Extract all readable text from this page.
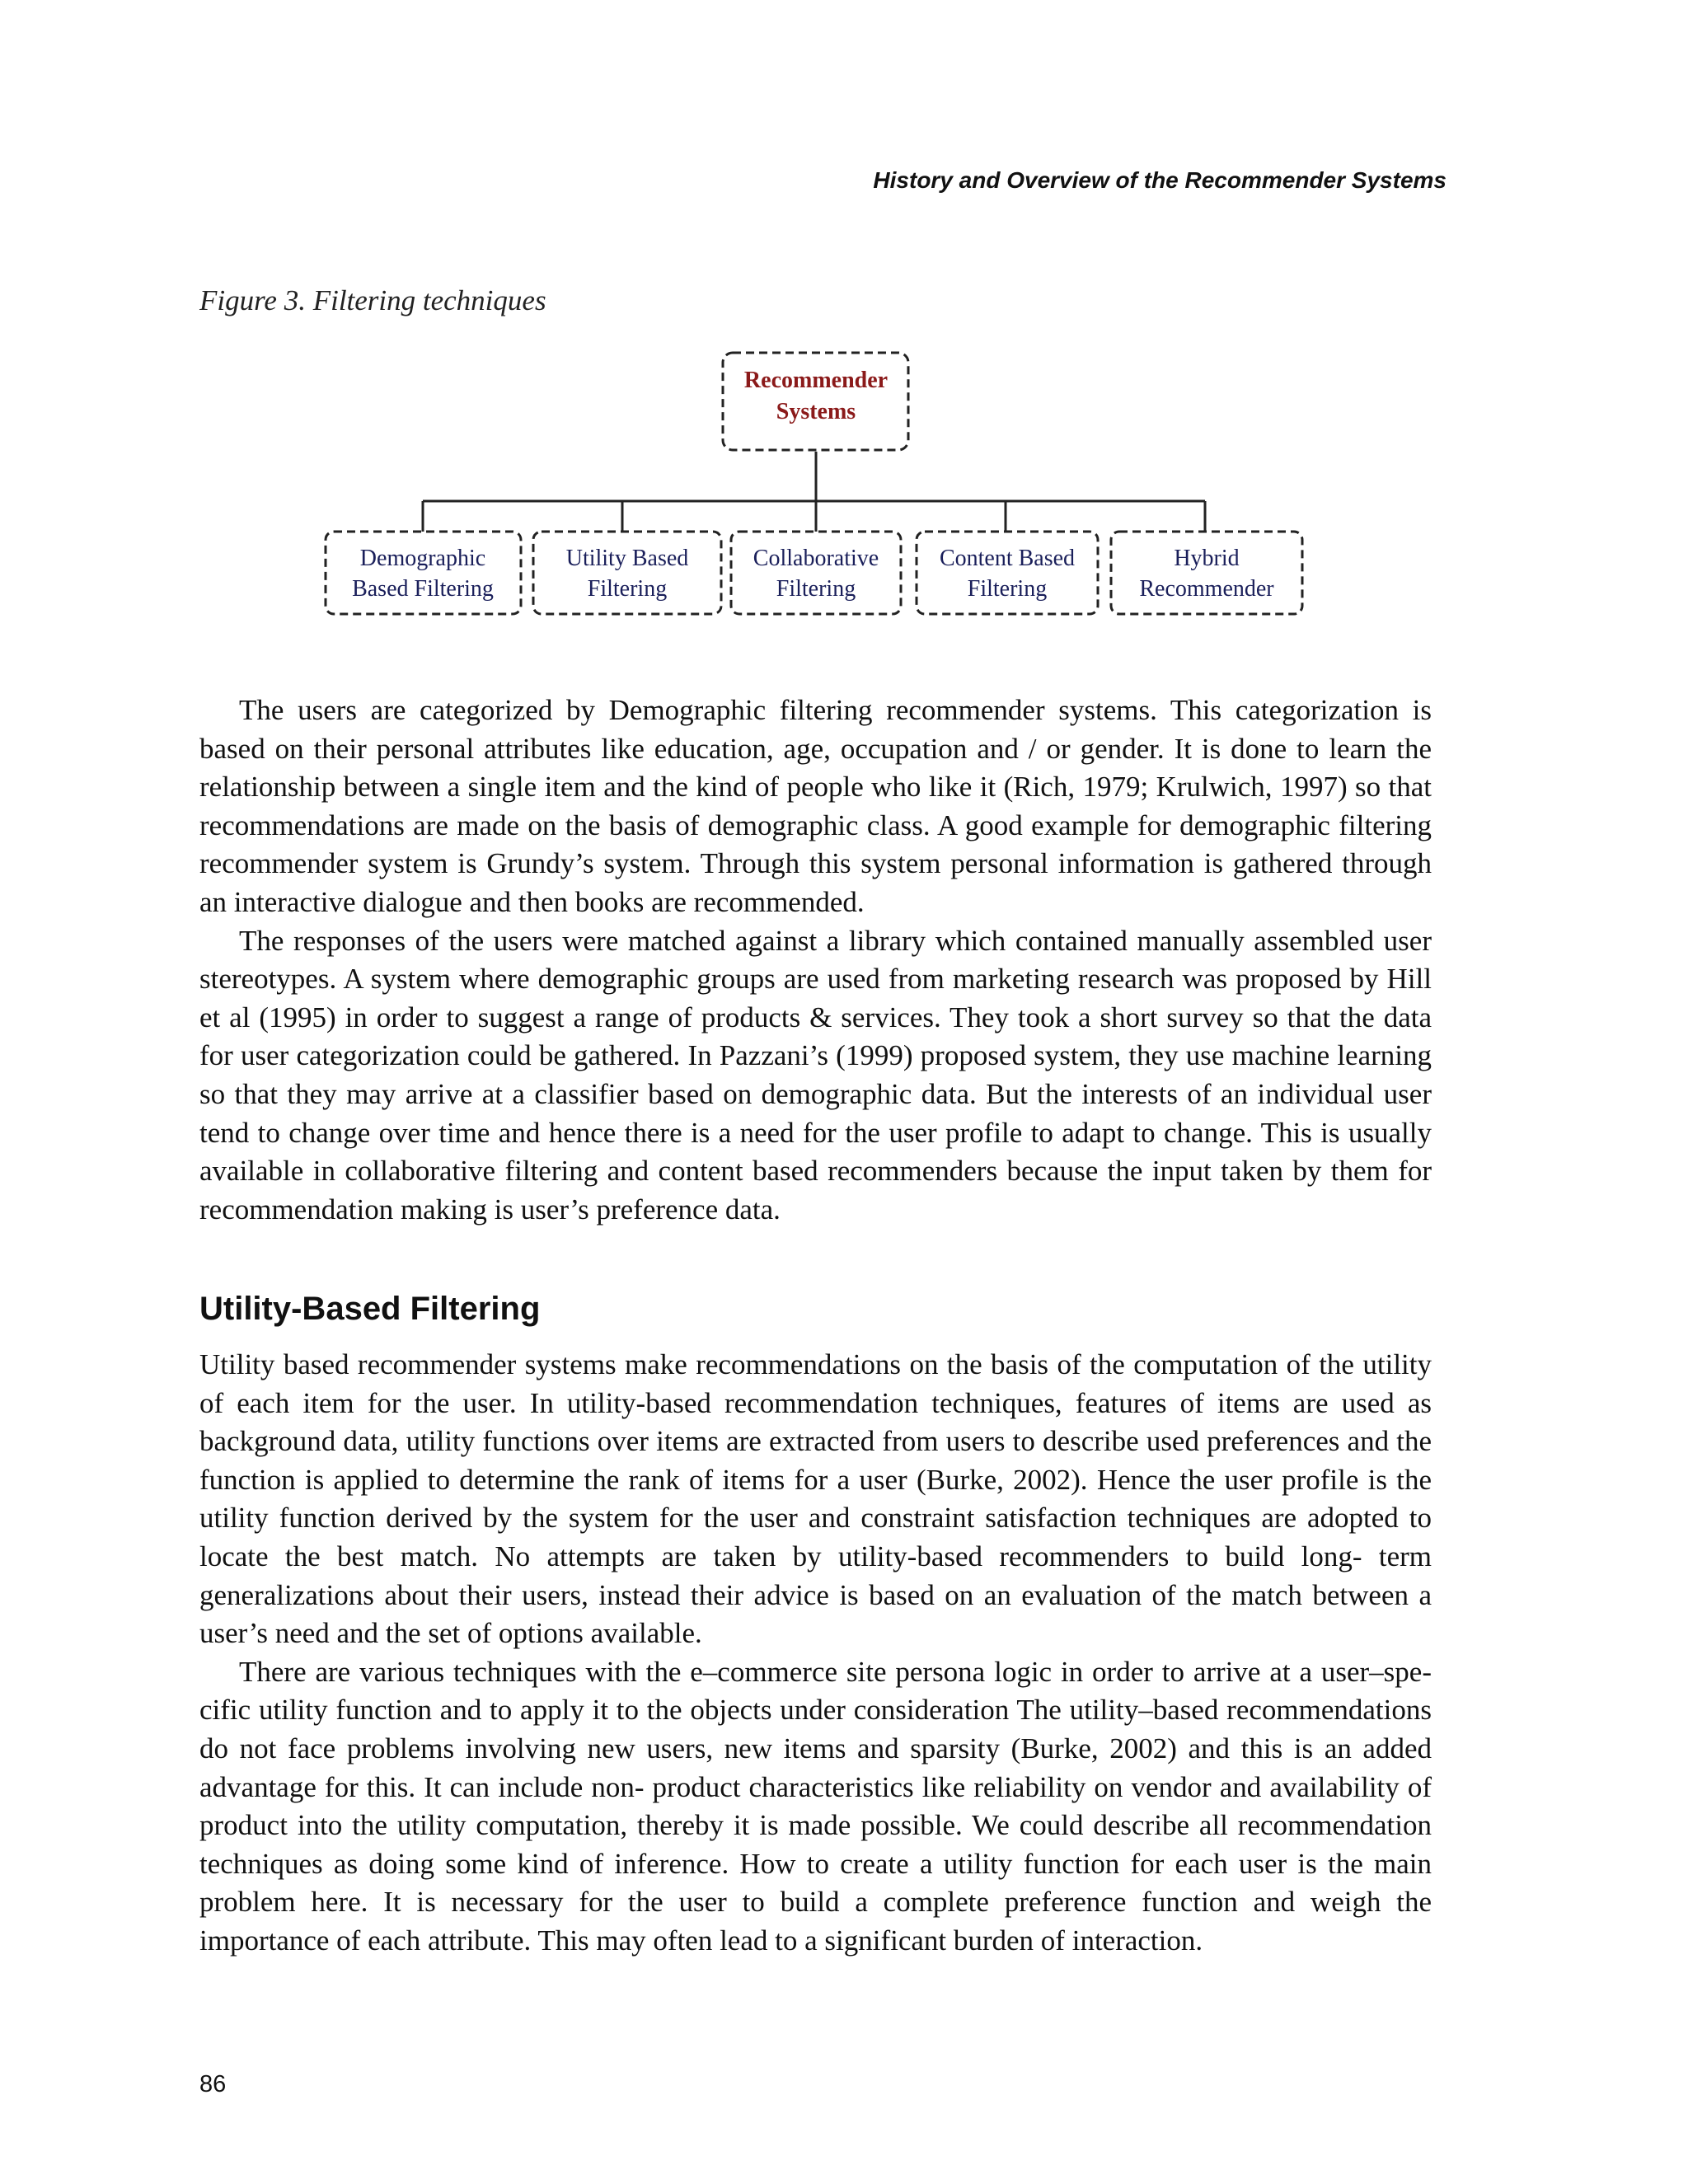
History and Overview of the Recommender Systems
Figure 3. Filtering techniques
Recommender
Systems
Demographic
Based Filtering
Utility Based
Filtering
Collaborative
Filtering
Content Based
Filtering
Hybrid
Recommender

The users are categorized by Demographic filtering recommender systems. This categorization is based on their personal attributes like education, age, occupation and / or gender. It is done to learn the relationship between a single item and the kind of people who like it (Rich, 1979; Krulwich, 1997) so that recommendations are made on the basis of demographic class. A good example for demographic filtering recommender system is Grundy’s system. Through this system personal information is gathered through an interactive dialogue and then books are recommended.

The responses of the users were matched against a library which contained manually assembled user stereotypes. A system where demographic groups are used from marketing research was proposed by Hill et al (1995) in order to suggest a range of products & services. They took a short survey so that the data for user categorization could be gathered. In Pazzani’s (1999) proposed system, they use machine learning so that they may arrive at a classifier based on demographic data. But the interests of an individual user tend to change over time and hence there is a need for the user profile to adapt to change. This is usually available in collaborative filtering and content based recommenders because the input taken by them for recommendation making is user’s preference data.

Utility-Based Filtering

Utility based recommender systems make recommendations on the basis of the computation of the utility of each item for the user. In utility-based recommendation techniques, features of items are used as background data, utility functions over items are extracted from users to describe used preferences and the function is applied to determine the rank of items for a user (Burke, 2002). Hence the user profile is the utility function derived by the system for the user and constraint satisfaction techniques are adopted to locate the best match. No attempts are taken by utility-based recommenders to build long- term generalizations about their users, instead their advice is based on an evaluation of the match between a user’s need and the set of options available.

There are various techniques with the e–commerce site persona logic in order to arrive at a user–specific utility function and to apply it to the objects under consideration The utility–based recommendations do not face problems involving new users, new items and sparsity (Burke, 2002) and this is an added advantage for this. It can include non- product characteristics like reliability on vendor and availability of product into the utility computation, thereby it is made possible. We could describe all recommendation techniques as doing some kind of inference. How to create a utility function for each user is the main problem here. It is necessary for the user to build a complete preference function and weigh the importance of each attribute. This may often lead to a significant burden of interaction.

86
